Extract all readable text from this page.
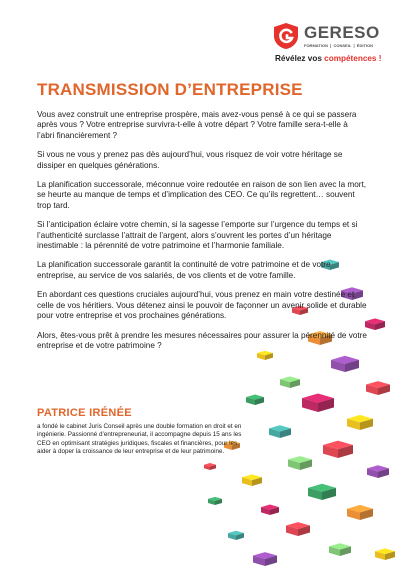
GERESO
FORMATION ❘ CONSEIL ❘ ÉDITION
Révélez vos compétences !
TRANSMISSION D’ENTREPRISE

Vous avez construit une entreprise prospère, mais avez-vous pensé à ce qui se passera après vous ? Votre entreprise survivra-t-elle à votre départ ? Votre famille sera-t-elle à l’abri financièrement ?

Si vous ne vous y prenez pas dès aujourd’hui, vous risquez de voir votre héritage se dissiper en quelques générations.

La planification successorale, méconnue voire redoutée en raison de son lien avec la mort, se heurte au manque de temps et d’implication des CEO. Ce qu’ils regrettent… souvent trop tard.

Si l’anticipation éclaire votre chemin, si la sagesse l’emporte sur l’urgence du temps et si l’authenticité surclasse l’attrait de l’argent, alors s’ouvrent les portes d’un héritage inestimable : la pérennité de votre patrimoine et l’harmonie familiale.

La planification successorale garantit la continuité de votre patrimoine et de votre entreprise, au service de vos salariés, de vos clients et de votre famille.

En abordant ces questions cruciales aujourd’hui, vous prenez en main votre destinée et celle de vos héritiers. Vous détenez ainsi le pouvoir de façonner un avenir solide et durable pour votre entreprise et vos prochaines générations.

Alors, êtes-vous prêt à prendre les mesures nécessaires pour assurer la pérennité de votre entreprise et de votre patrimoine ?

PATRICE IRÉNÉE

a fondé le cabinet Juris Conseil après une double formation en droit et en ingénierie. Passionné d’entrepreneuriat, il accompagne depuis 15 ans les CEO en optimisant stratégies juridiques, fiscales et financières, pour les aider à doper la croissance de leur entreprise et de leur patrimoine.
